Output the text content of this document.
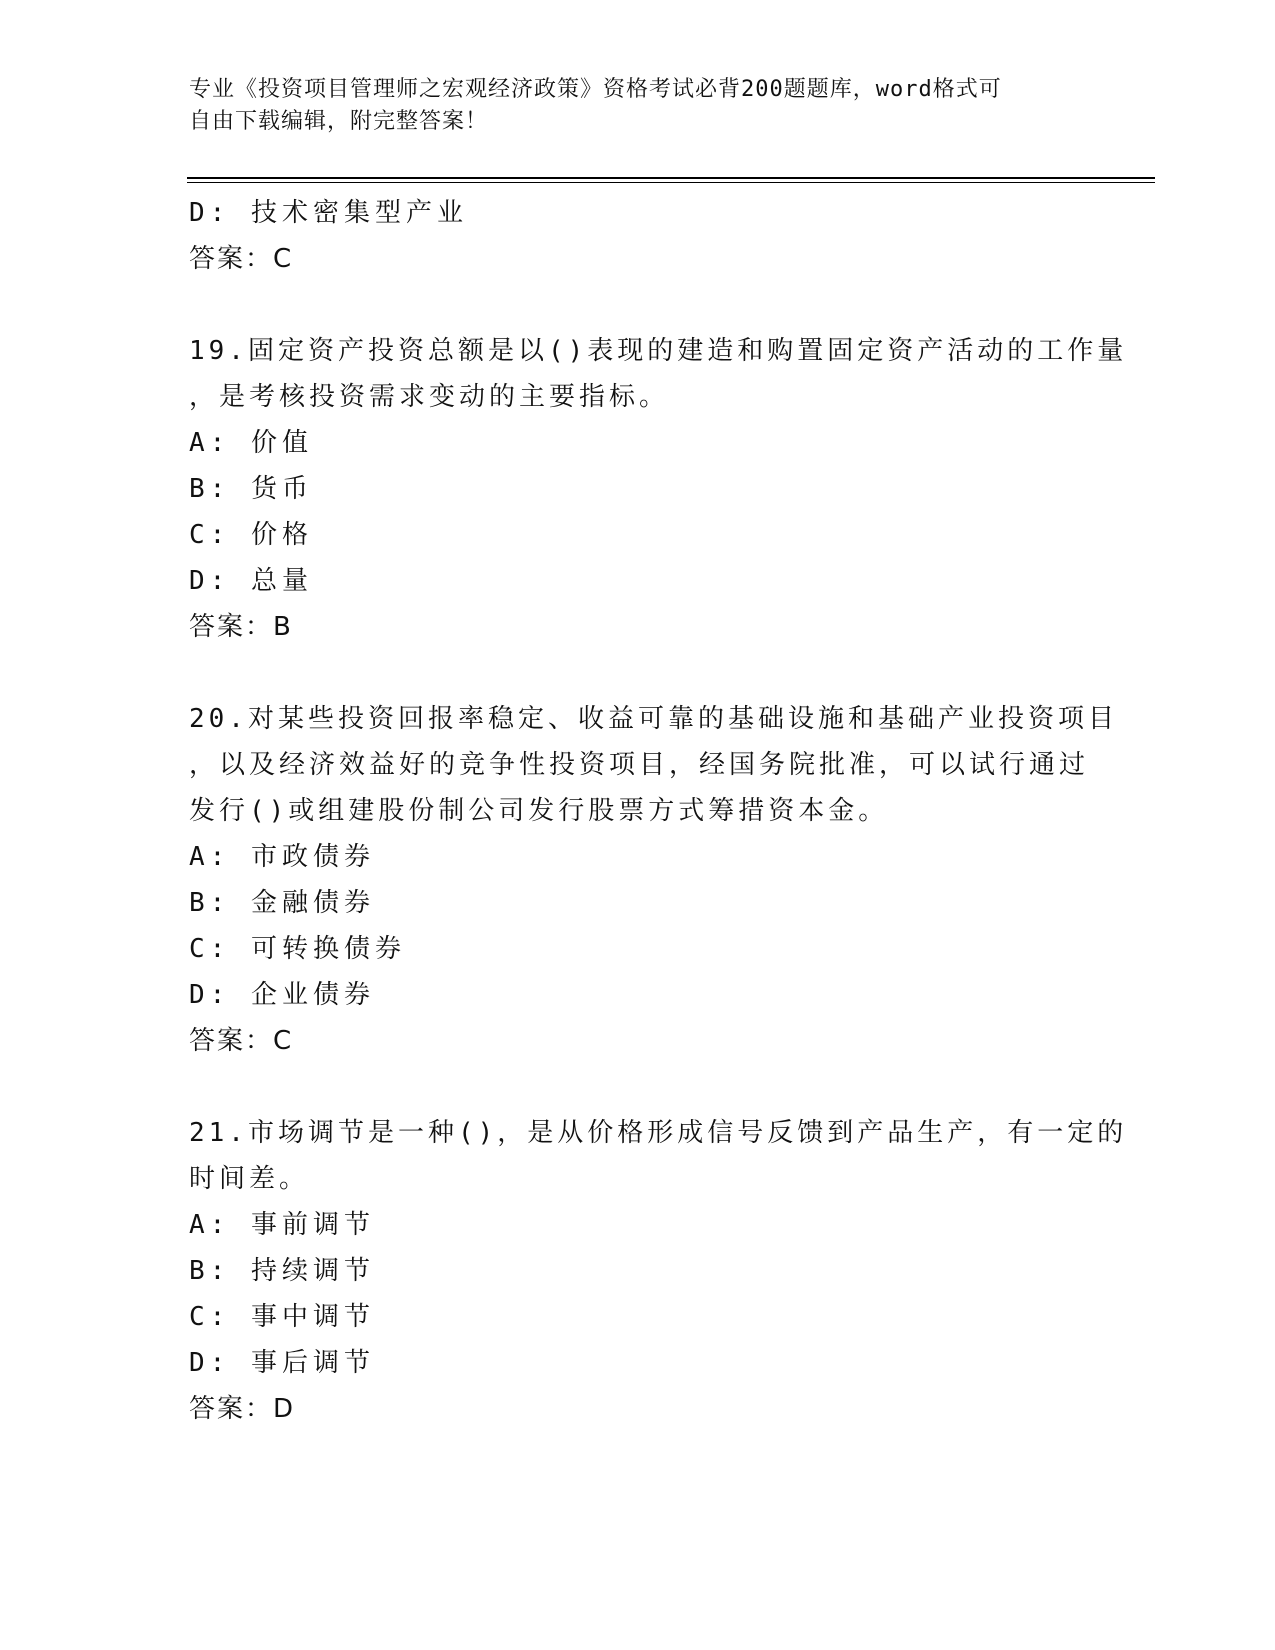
专业《投资项目管理师之宏观经济政策》资格考试必背200题题库，word格式可
自由下载编辑，附完整答案！
D: 技术密集型产业
答案：C
19.固定资产投资总额是以()表现的建造和购置固定资产活动的工作量
，是考核投资需求变动的主要指标。
A: 价值
B: 货币
C: 价格
D: 总量
答案：B
20.对某些投资回报率稳定、收益可靠的基础设施和基础产业投资项目
，以及经济效益好的竞争性投资项目，经国务院批准，可以试行通过
发行()或组建股份制公司发行股票方式筹措资本金。
A: 市政债券
B: 金融债券
C: 可转换债券
D: 企业债券
答案：C
21.市场调节是一种()，是从价格形成信号反馈到产品生产，有一定的
时间差。
A: 事前调节
B: 持续调节
C: 事中调节
D: 事后调节
答案：D
